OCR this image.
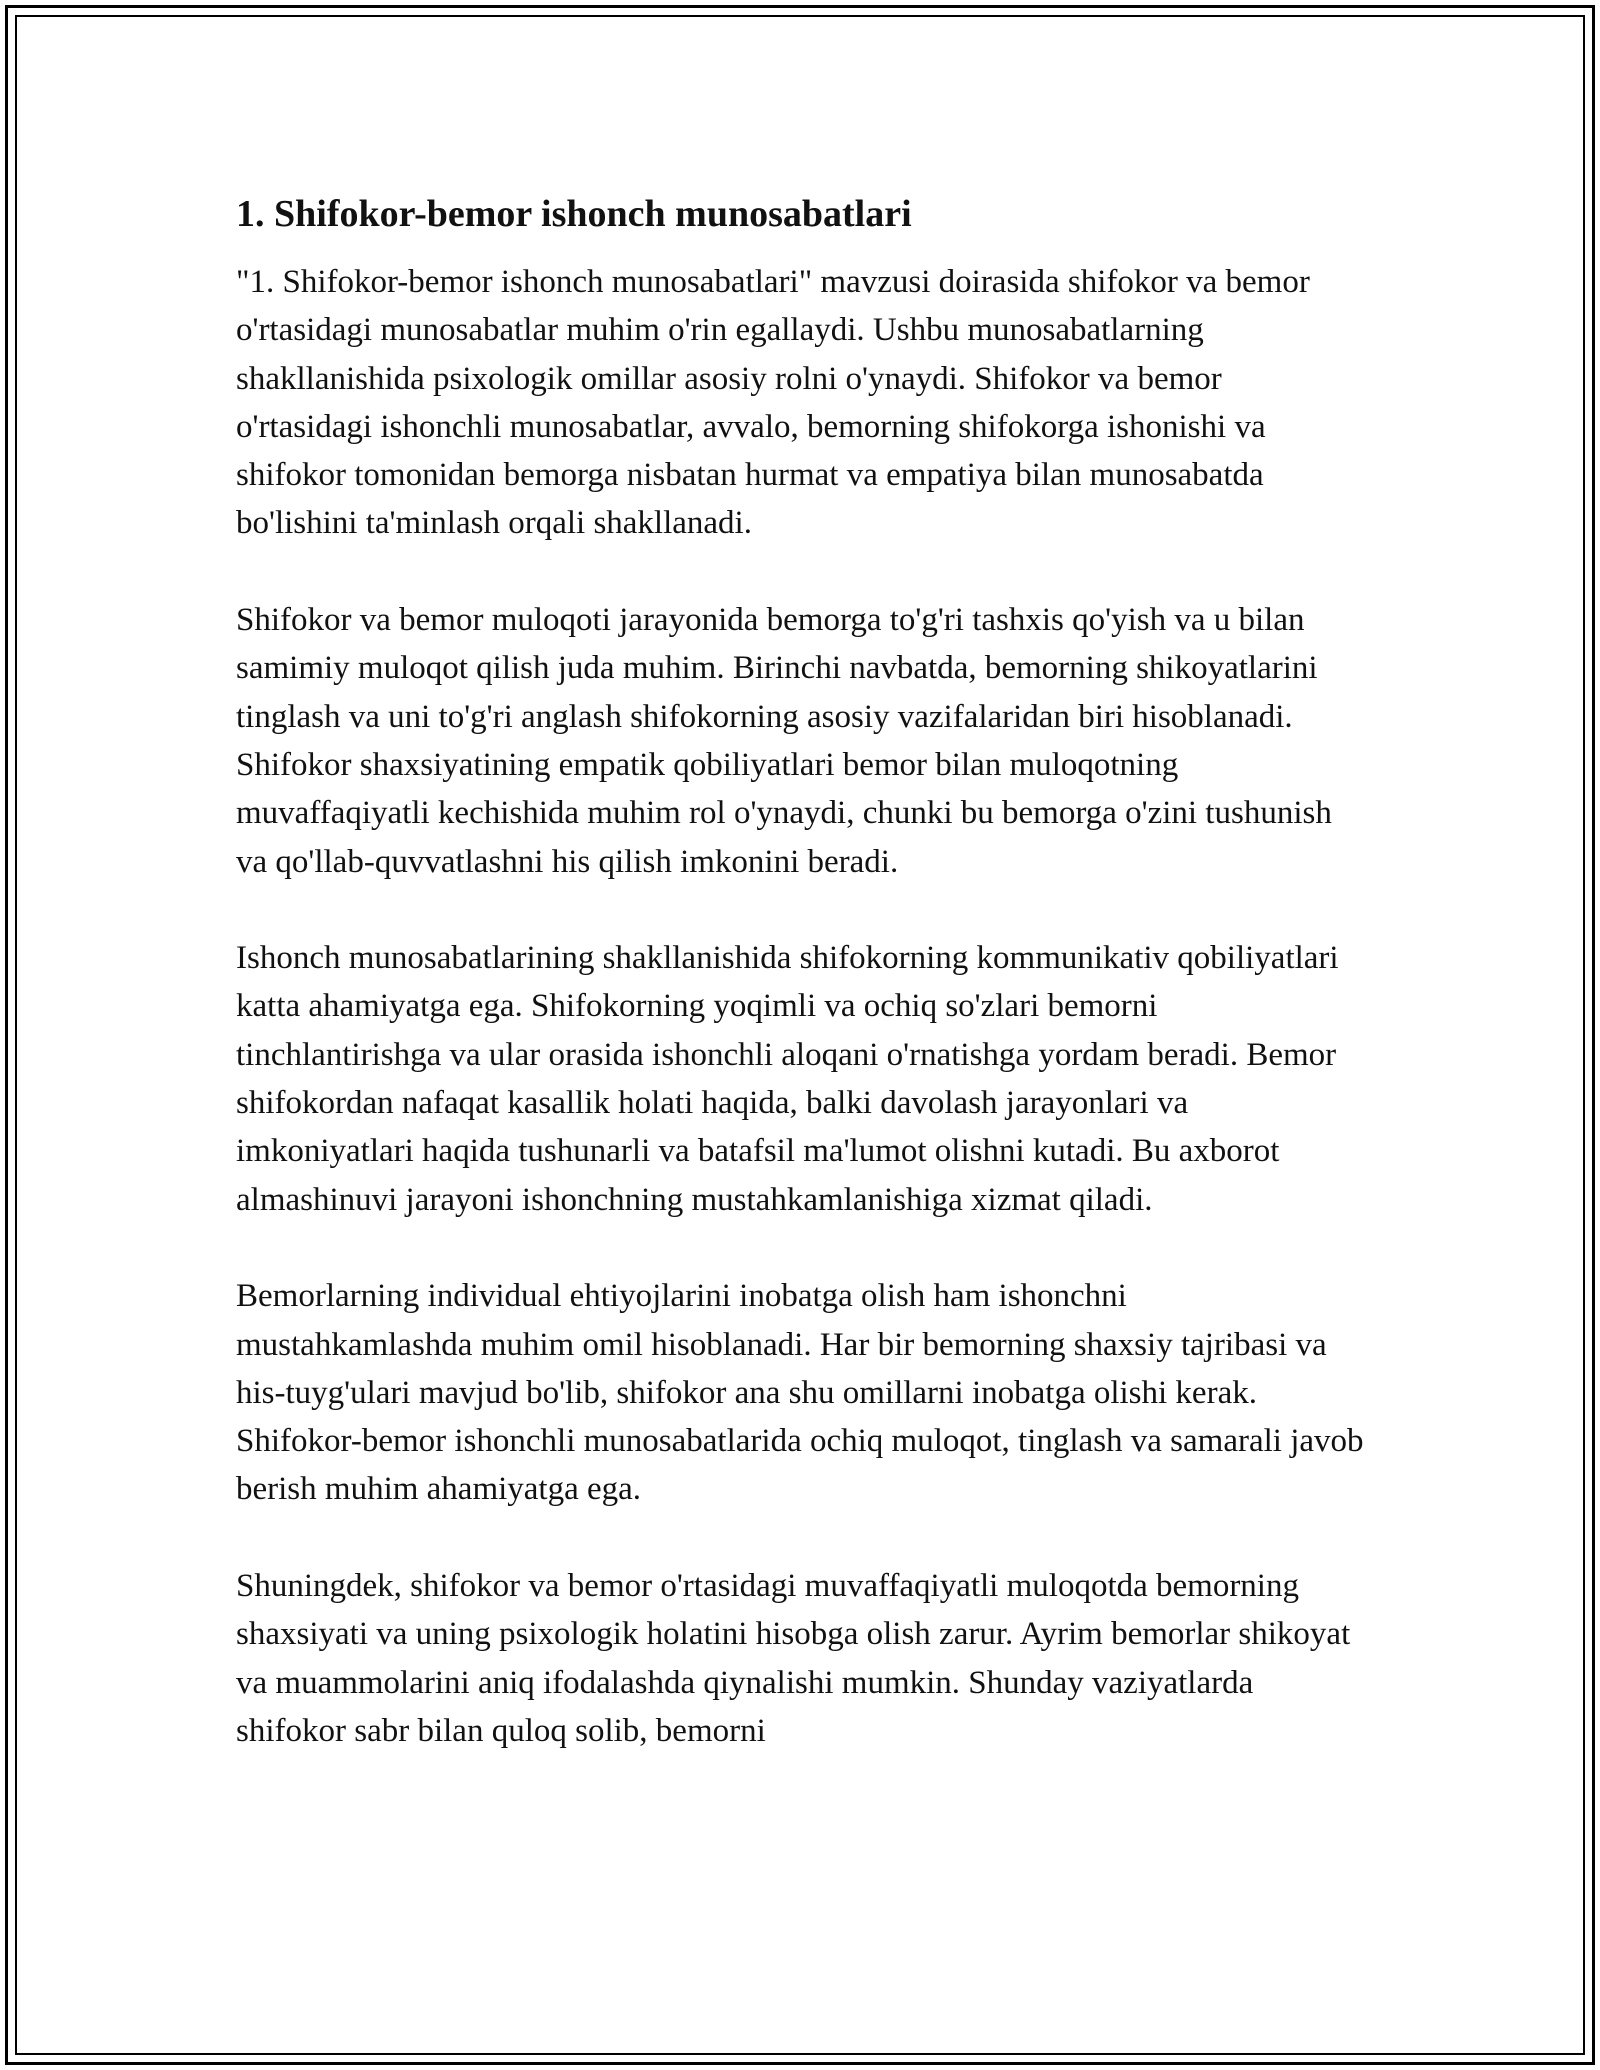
1. Shifokor-bemor ishonch munosabatlari

"1. Shifokor-bemor ishonch munosabatlari" mavzusi doirasida shifokor va bemor o'rtasidagi munosabatlar muhim o'rin egallaydi. Ushbu munosabatlarning shakllanishida psixologik omillar asosiy rolni o'ynaydi. Shifokor va bemor o'rtasidagi ishonchli munosabatlar, avvalo, bemorning shifokorga ishonishi va shifokor tomonidan bemorga nisbatan hurmat va empatiya bilan munosabatda bo'lishini ta'minlash orqali shakllanadi.

Shifokor va bemor muloqoti jarayonida bemorga to'g'ri tashxis qo'yish va u bilan samimiy muloqot qilish juda muhim. Birinchi navbatda, bemorning shikoyatlarini tinglash va uni to'g'ri anglash shifokorning asosiy vazifalaridan biri hisoblanadi. Shifokor shaxsiyatining empatik qobiliyatlari bemor bilan muloqotning muvaffaqiyatli kechishida muhim rol o'ynaydi, chunki bu bemorga o'zini tushunish va qo'llab-quvvatlashni his qilish imkonini beradi.

Ishonch munosabatlarining shakllanishida shifokorning kommunikativ qobiliyatlari katta ahamiyatga ega. Shifokorning yoqimli va ochiq so'zlari bemorni tinchlantirishga va ular orasida ishonchli aloqani o'rnatishga yordam beradi. Bemor shifokordan nafaqat kasallik holati haqida, balki davolash jarayonlari va imkoniyatlari haqida tushunarli va batafsil ma'lumot olishni kutadi. Bu axborot almashinuvi jarayoni ishonchning mustahkamlanishiga xizmat qiladi.

Bemorlarning individual ehtiyojlarini inobatga olish ham ishonchni mustahkamlashda muhim omil hisoblanadi. Har bir bemorning shaxsiy tajribasi va his-tuyg'ulari mavjud bo'lib, shifokor ana shu omillarni inobatga olishi kerak. Shifokor-bemor ishonchli munosabatlarida ochiq muloqot, tinglash va samarali javob berish muhim ahamiyatga ega.

Shuningdek, shifokor va bemor o'rtasidagi muvaffaqiyatli muloqotda bemorning shaxsiyati va uning psixologik holatini hisobga olish zarur. Ayrim bemorlar shikoyat va muammolarini aniq ifodalashda qiynalishi mumkin. Shunday vaziyatlarda shifokor sabr bilan quloq solib, bemorni
